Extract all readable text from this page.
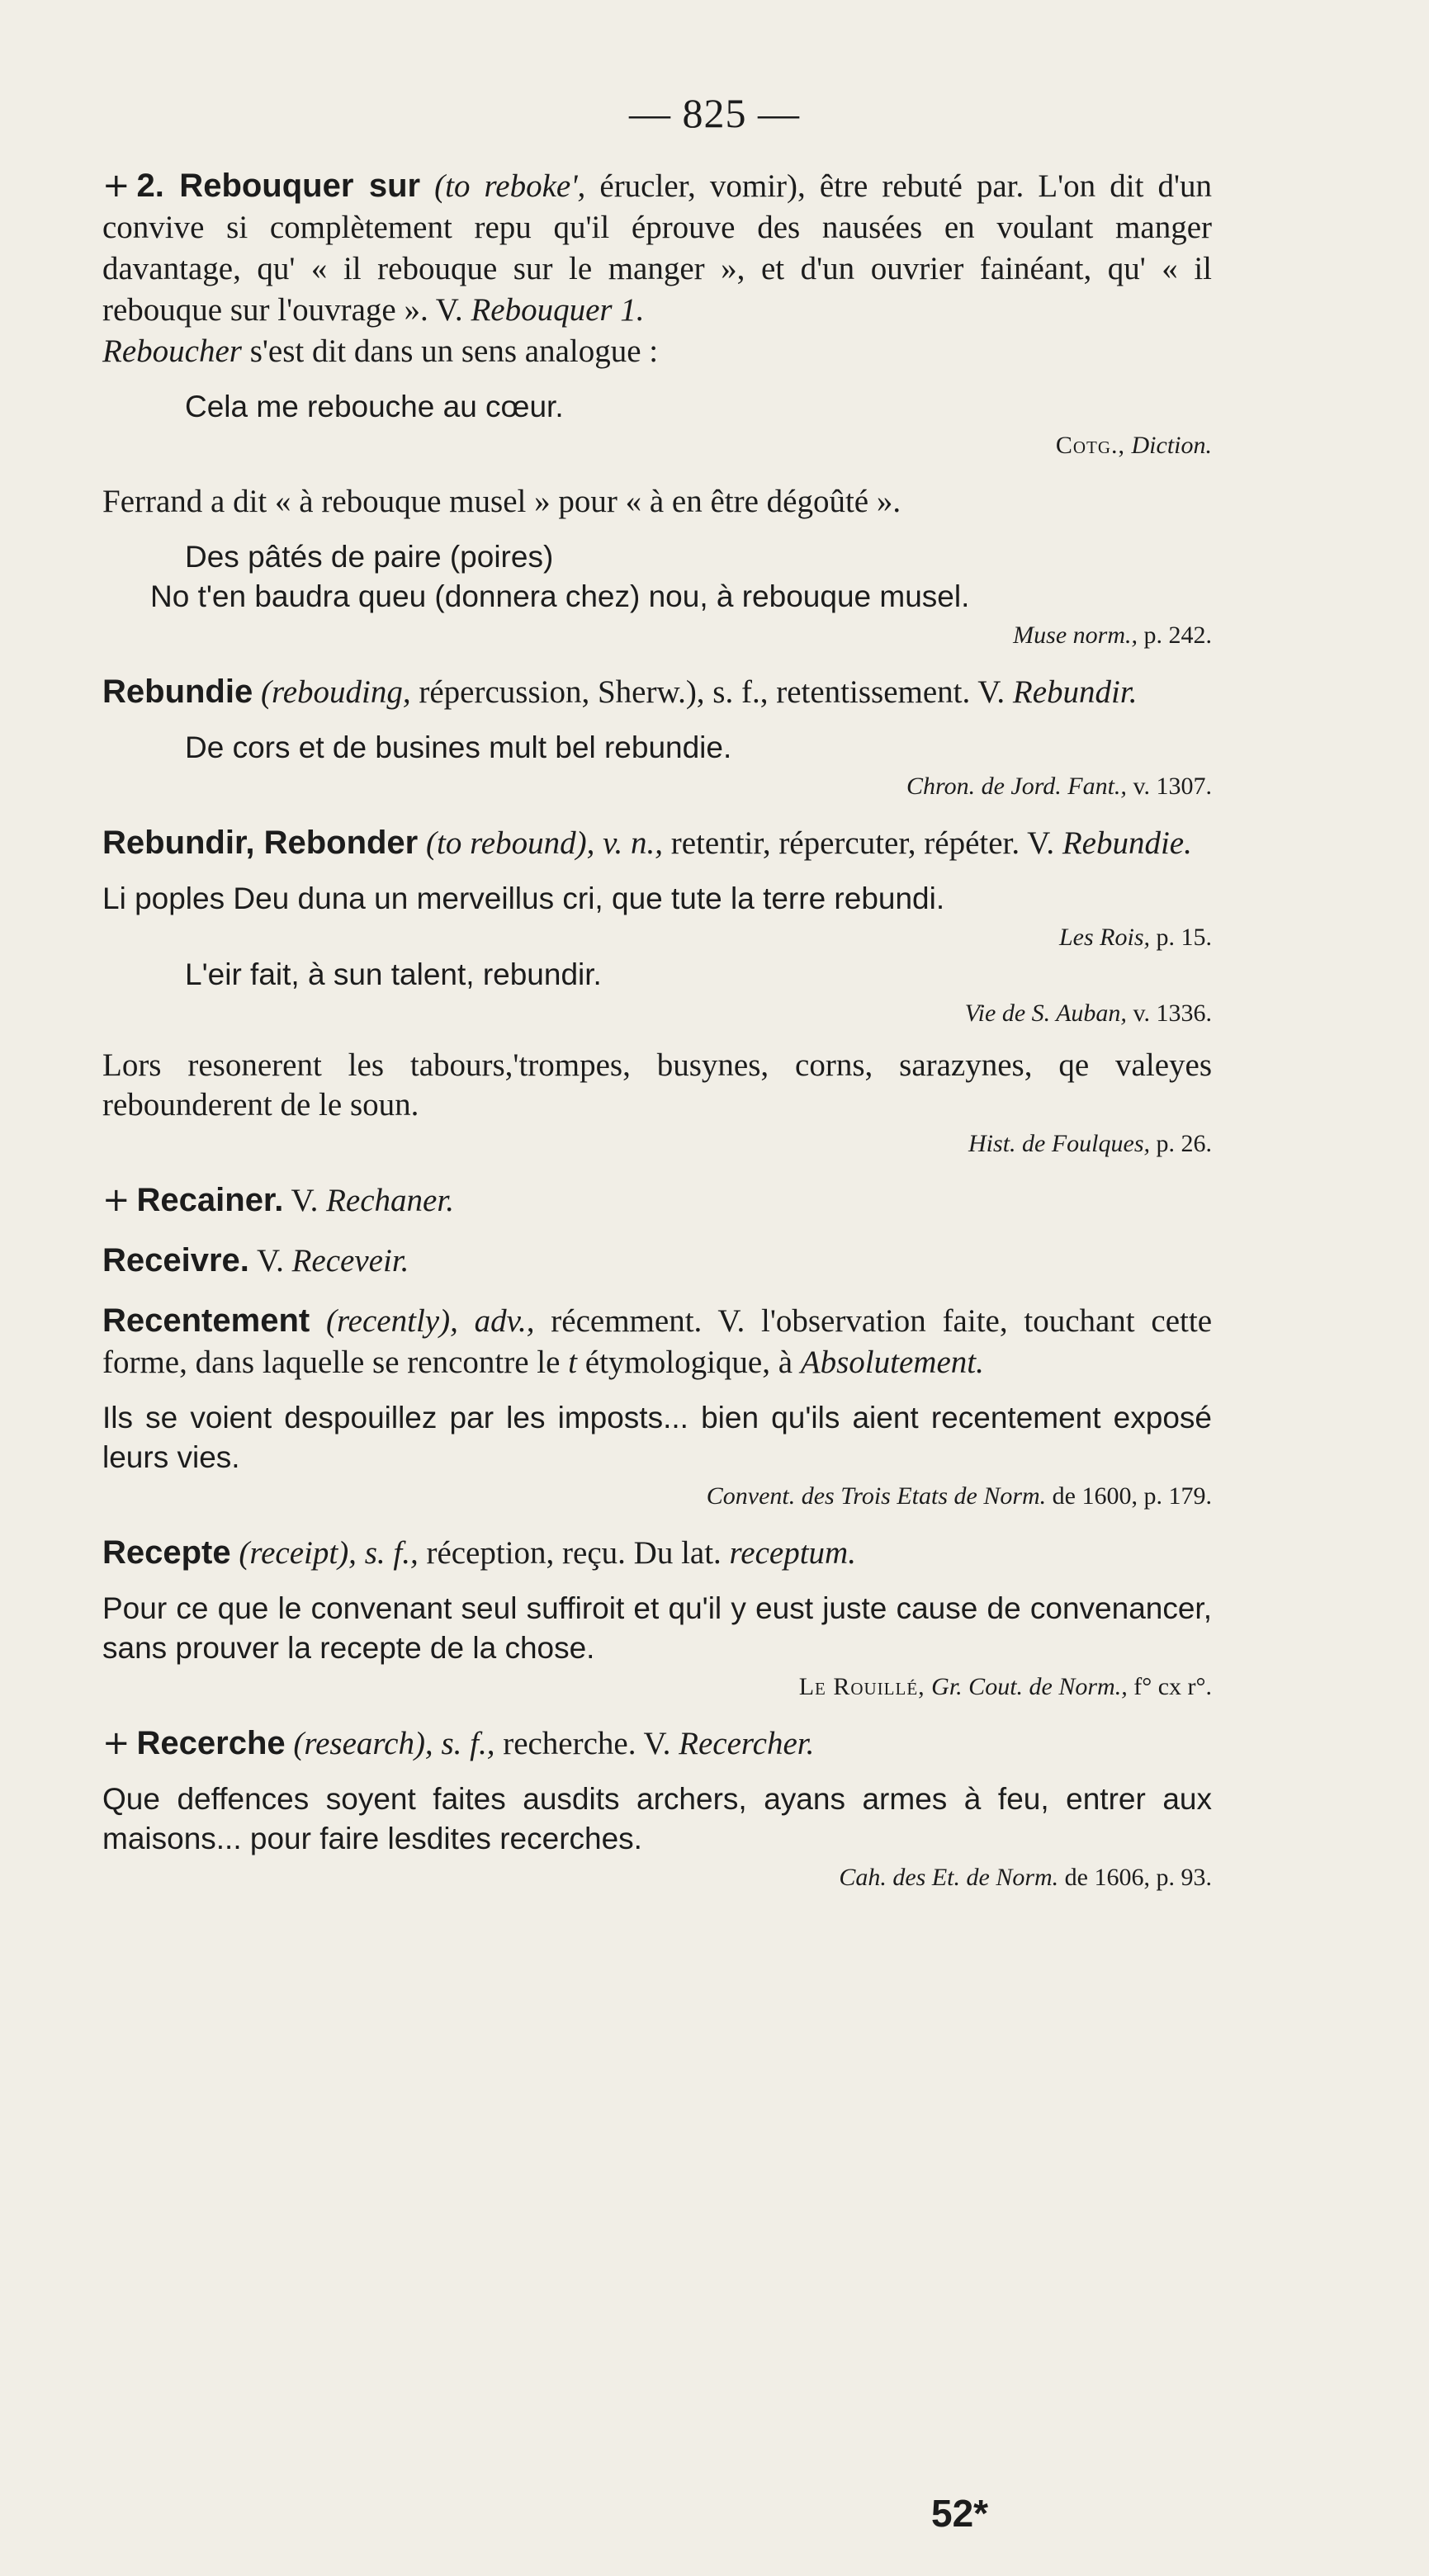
— 825 —

+ 2. Rebouquer sur (to reboke', érucler, vomir), être rebuté par. L'on dit d'un convive si complètement repu qu'il éprouve des nausées en voulant manger davantage, qu' « il rebouque sur le manger », et d'un ouvrier fainéant, qu' « il rebouque sur l'ouvrage ». V. Rebouquer 1.

Reboucher s'est dit dans un sens analogue :

Cela me rebouche au cœur.
Cotg., Diction.

Ferrand a dit « à rebouque musel » pour « à en être dégoûté ».

Des pâtés de paire (poires)
No t'en baudra queu (donnera chez) nou, à rebouque musel.
Muse norm., p. 242.

Rebundie (rebouding, répercussion, Sherw.), s. f., retentissement. V. Rebundir.

De cors et de busines mult bel rebundie.
Chron. de Jord. Fant., v. 1307.

Rebundir, Rebonder (to rebound), v. n., retentir, répercuter, répéter. V. Rebundie.

Li poples Deu duna un merveillus cri, que tute la terre rebundi.
Les Rois, p. 15.
L'eir fait, à sun talent, rebundir.
Vie de S. Auban, v. 1336.
Lors resonerent les tabours,'trompes, busynes, corns, sarazynes, qe valeyes rebounderent de le soun.
Hist. de Foulques, p. 26.

+ Recainer. V. Rechaner.

Receivre. V. Receveir.

Recentement (recently), adv., récemment. V. l'observation faite, touchant cette forme, dans laquelle se rencontre le t étymologique, à Absolutement.

Ils se voient despouillez par les imposts... bien qu'ils aient recentement exposé leurs vies.
Convent. des Trois Etats de Norm. de 1600, p. 179.

Recepte (receipt), s. f., réception, reçu. Du lat. receptum.

Pour ce que le convenant seul suffiroit et qu'il y eust juste cause de convenancer, sans prouver la recepte de la chose.
Le Rouillé, Gr. Cout. de Norm., f° cx r°.

+ Recerche (research), s. f., recherche. V. Recercher.

Que deffences soyent faites ausdits archers, ayans armes à feu, entrer aux maisons... pour faire lesdites recerches.
Cah. des Et. de Norm. de 1606, p. 93.
52*
